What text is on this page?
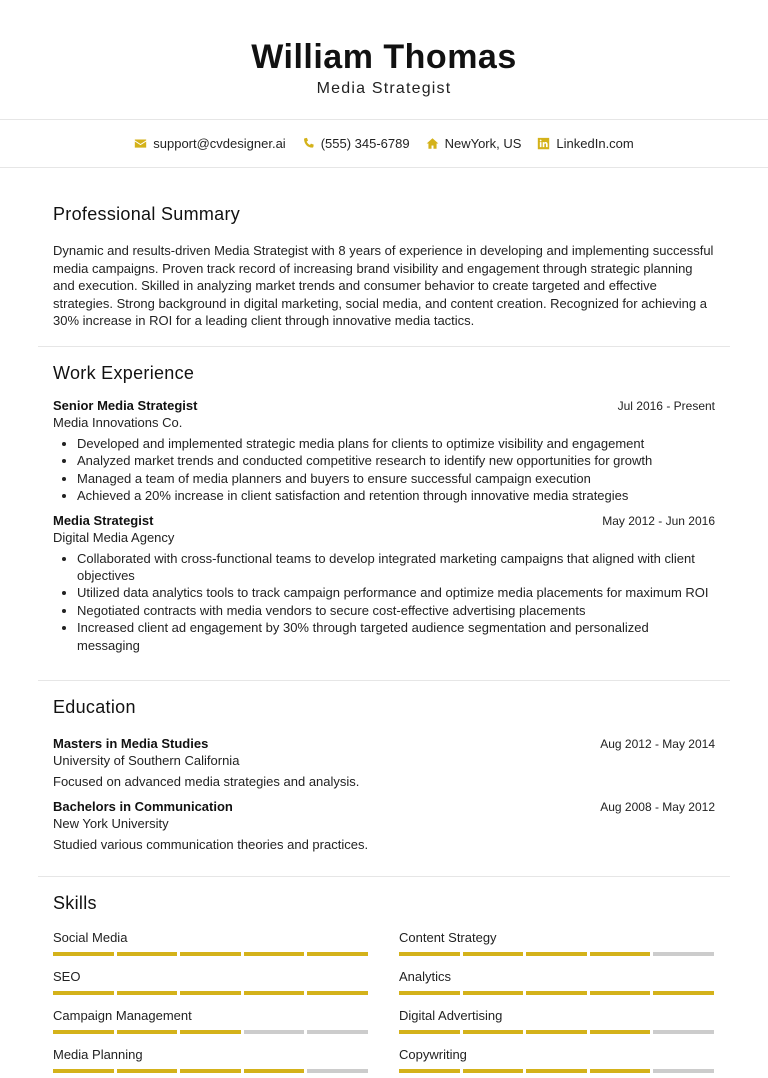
William Thomas
Media Strategist
support@cvdesigner.ai	(555) 345-6789	NewYork, US	LinkedIn.com
Professional Summary

Dynamic and results-driven Media Strategist with 8 years of experience in developing and implementing successful media campaigns. Proven track record of increasing brand visibility and engagement through strategic planning and execution. Skilled in analyzing market trends and consumer behavior to create targeted and effective strategies. Strong background in digital marketing, social media, and content creation. Recognized for achieving a 30% increase in ROI for a leading client through innovative media tactics.

Work Experience
Senior Media Strategist	Jul 2016 - Present
Media Innovations Co.
• Developed and implemented strategic media plans for clients to optimize visibility and engagement
• Analyzed market trends and conducted competitive research to identify new opportunities for growth
• Managed a team of media planners and buyers to ensure successful campaign execution
• Achieved a 20% increase in client satisfaction and retention through innovative media strategies
Media Strategist	May 2012 - Jun 2016
Digital Media Agency
• Collaborated with cross-functional teams to develop integrated marketing campaigns that aligned with client objectives
• Utilized data analytics tools to track campaign performance and optimize media placements for maximum ROI
• Negotiated contracts with media vendors to secure cost-effective advertising placements
• Increased client ad engagement by 30% through targeted audience segmentation and personalized messaging
Education
Masters in Media Studies	Aug 2012 - May 2014
University of Southern California
Focused on advanced media strategies and analysis.
Bachelors in Communication	Aug 2008 - May 2012
New York University
Studied various communication theories and practices.
Skills
Social Media	Content Strategy
SEO	Analytics
Campaign Management	Digital Advertising
Media Planning	Copywriting
